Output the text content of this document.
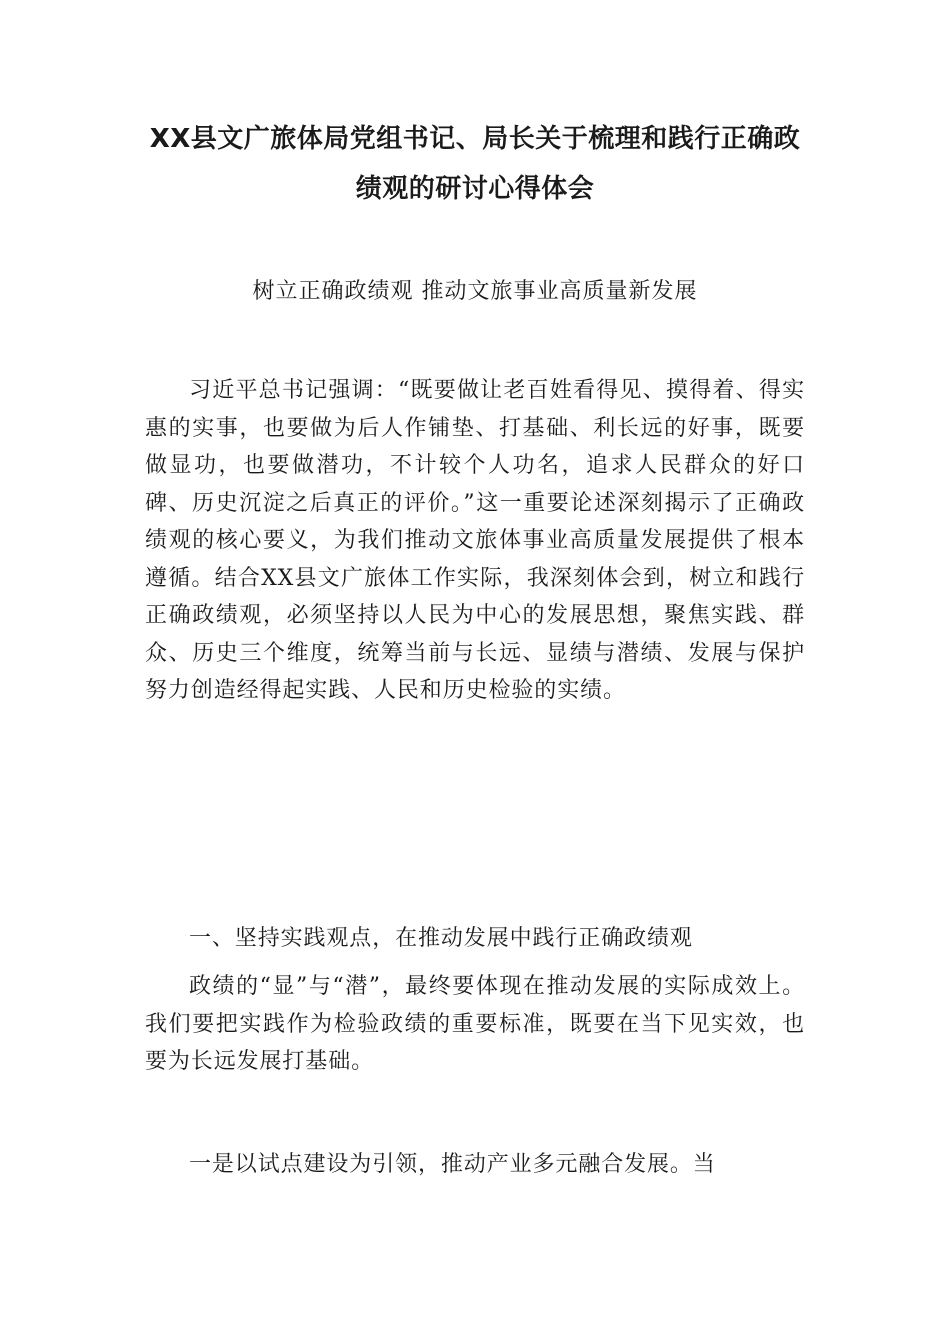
XX县文广旅体局党组书记、局长关于梳理和践行正确政绩观的研讨心得体会

树立正确政绩观 推动文旅事业高质量新发展

习近平总书记强调：“既要做让老百姓看得见、摸得着、得实惠的实事，也要做为后人作铺垫、打基础、利长远的好事，既要做显功，也要做潜功，不计较个人功名，追求人民群众的好口碑、历史沉淀之后真正的评价。”这一重要论述深刻揭示了正确政绩观的核心要义，为我们推动文旅体事业高质量发展提供了根本遵循。结合XX县文广旅体工作实际，我深刻体会到，树立和践行正确政绩观，必须坚持以人民为中心的发展思想，聚焦实践、群众、历史三个维度，统筹当前与长远、显绩与潜绩、发展与保护努力创造经得起实践、人民和历史检验的实绩。

一、坚持实践观点，在推动发展中践行正确政绩观

政绩的“显”与“潜”，最终要体现在推动发展的实际成效上。我们要把实践作为检验政绩的重要标准，既要在当下见实效，也要为长远发展打基础。

一是以试点建设为引领，推动产业多元融合发展。当
